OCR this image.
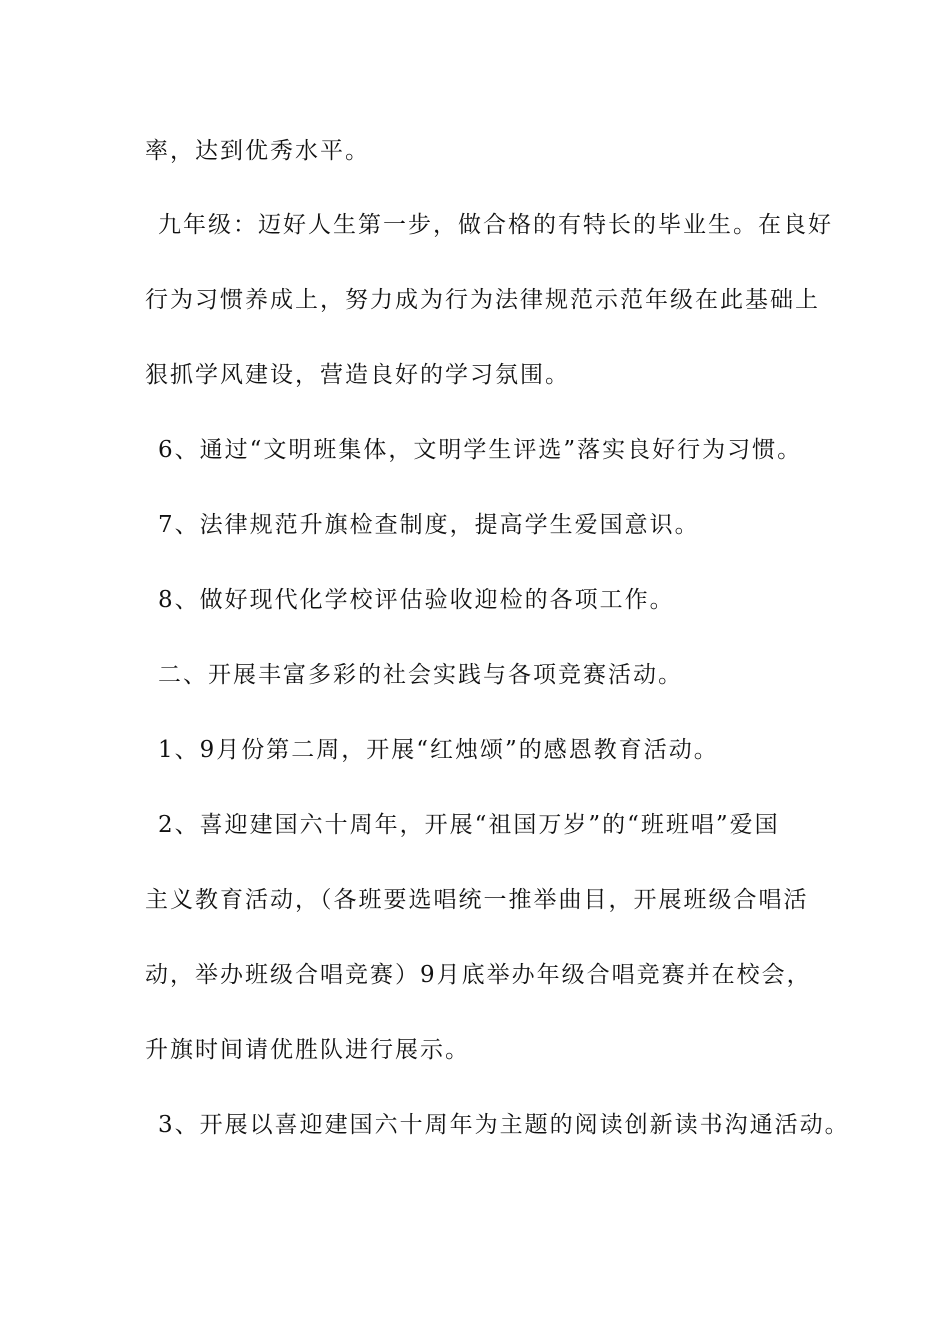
率，达到优秀水平。
九年级：迈好人生第一步，做合格的有特长的毕业生。在良好
行为习惯养成上，努力成为行为法律规范示范年级在此基础上
狠抓学风建设，营造良好的学习氛围。
6、通过“文明班集体，文明学生评选”落实良好行为习惯。
7、法律规范升旗检查制度，提高学生爱国意识。
8、做好现代化学校评估验收迎检的各项工作。
二、开展丰富多彩的社会实践与各项竞赛活动。
1、9月份第二周，开展“红烛颂”的感恩教育活动。
2、喜迎建国六十周年，开展“祖国万岁”的“班班唱”爱国
主义教育活动，（各班要选唱统一推举曲目，开展班级合唱活
动，举办班级合唱竞赛）9月底举办年级合唱竞赛并在校会，
升旗时间请优胜队进行展示。
3、开展以喜迎建国六十周年为主题的阅读创新读书沟通活动。
